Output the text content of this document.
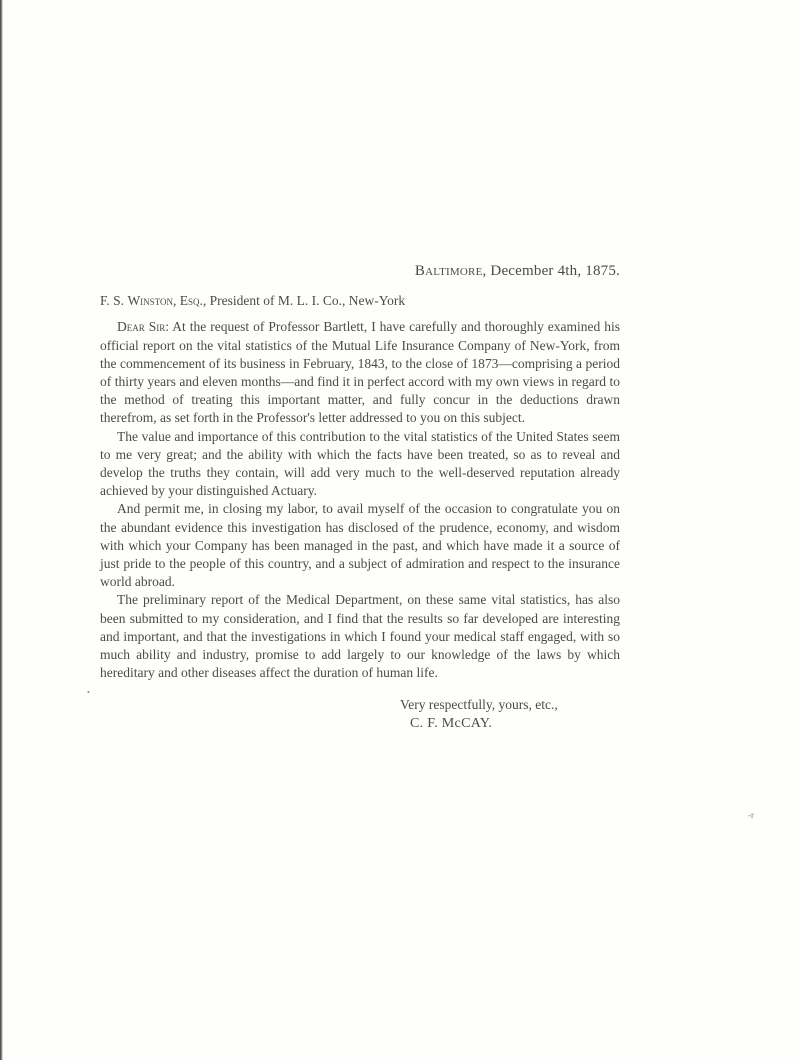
Baltimore, December 4th, 1875.

F. S. Winston, Esq., President of M. L. I. Co., New-York

Dear Sir: At the request of Professor Bartlett, I have carefully and thoroughly examined his official report on the vital statistics of the Mutual Life Insurance Company of New-York, from the commencement of its business in February, 1843, to the close of 1873—comprising a period of thirty years and eleven months—and find it in perfect accord with my own views in regard to the method of treating this important matter, and fully concur in the deductions drawn therefrom, as set forth in the Professor's letter addressed to you on this subject.

The value and importance of this contribution to the vital statistics of the United States seem to me very great; and the ability with which the facts have been treated, so as to reveal and develop the truths they contain, will add very much to the well-deserved reputation already achieved by your distinguished Actuary.

And permit me, in closing my labor, to avail myself of the occasion to congratulate you on the abundant evidence this investigation has disclosed of the prudence, economy, and wisdom with which your Company has been managed in the past, and which have made it a source of just pride to the people of this country, and a subject of admiration and respect to the insurance world abroad.

The preliminary report of the Medical Department, on these same vital statistics, has also been submitted to my consideration, and I find that the results so far developed are interesting and important, and that the investigations in which I found your medical staff engaged, with so much ability and industry, promise to add largely to our knowledge of the laws by which hereditary and other diseases affect the duration of human life.

Very respectfully, yours, etc.,
C. F. McCAY.
•
-r
